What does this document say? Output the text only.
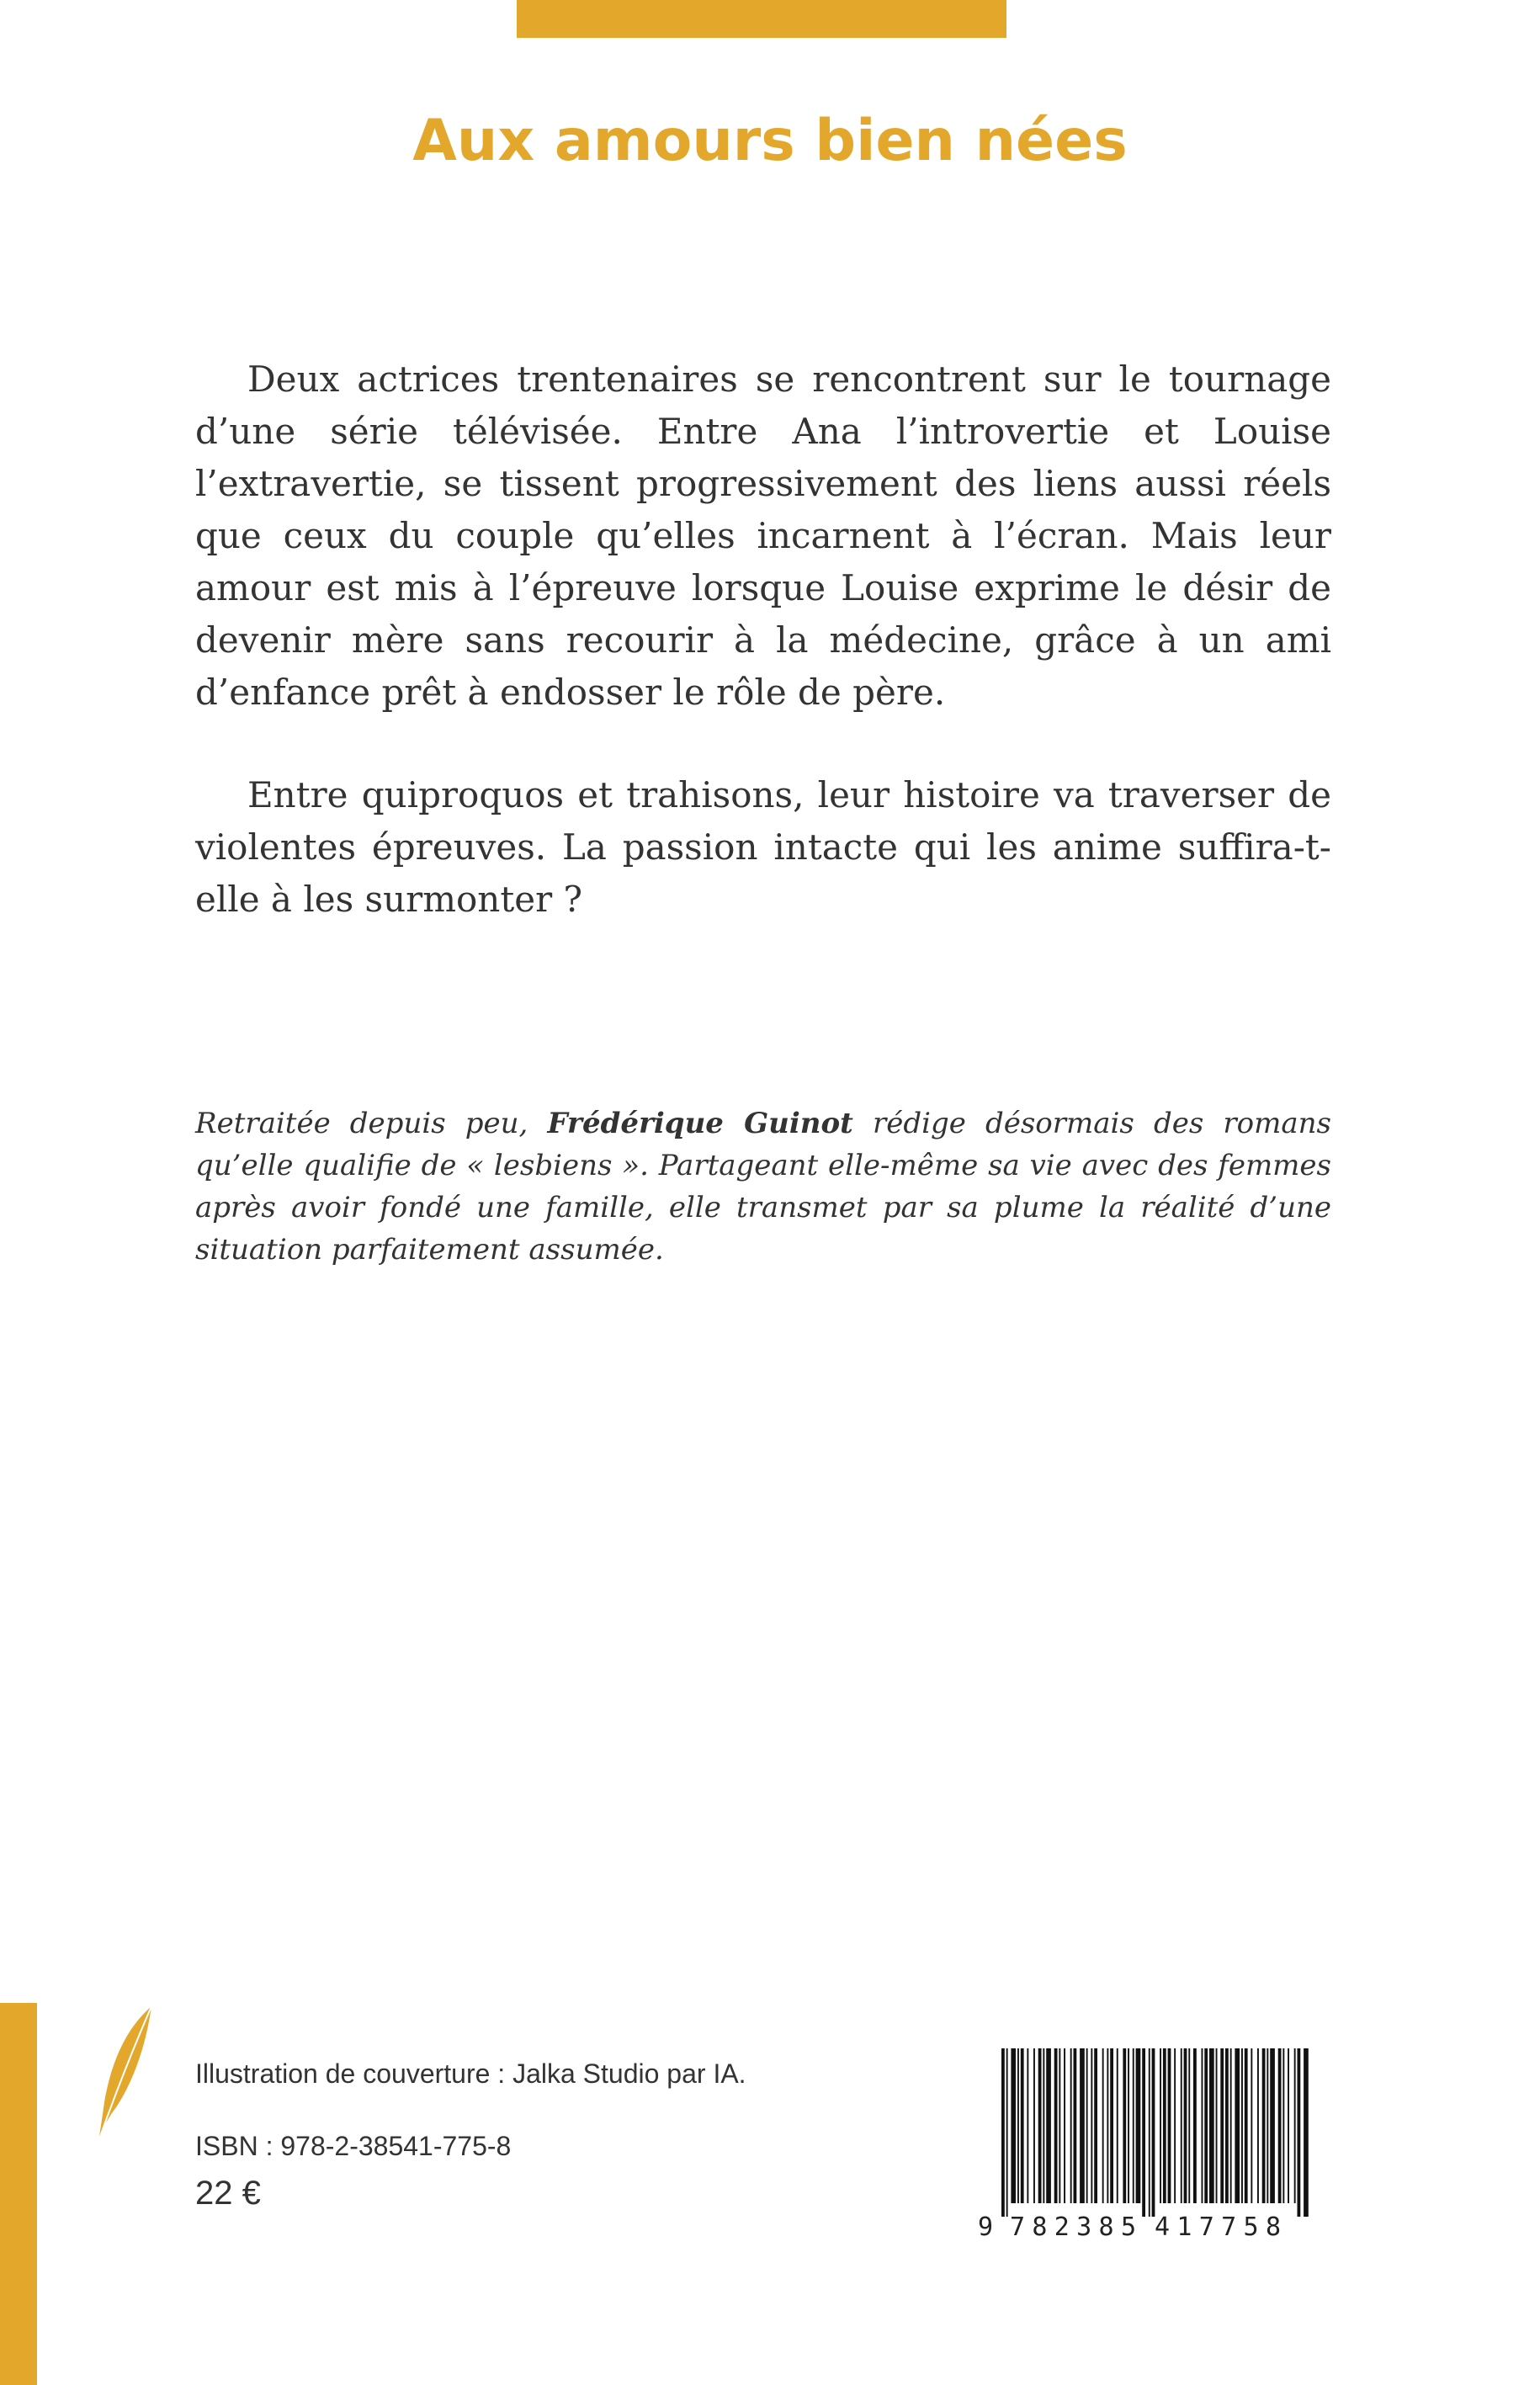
Aux amours bien nées

Deux actrices trentenaires se rencontrent sur le tournage d’une série télévisée. Entre Ana l’introvertie et Louise l’extravertie, se tissent progressivement des liens aussi réels que ceux du couple qu’elles incarnent à l’écran. Mais leur amour est mis à l’épreuve lorsque Louise exprime le désir de devenir mère sans recourir à la médecine, grâce à un ami d’enfance prêt à endosser le rôle de père.

Entre quiproquos et trahisons, leur histoire va traverser de violentes épreuves. La passion intacte qui les anime suffira-t-elle à les surmonter ?

Retraitée depuis peu, Frédérique Guinot rédige désormais des romans qu’elle qualifie de « lesbiens ». Partageant elle-même sa vie avec des femmes après avoir fondé une famille, elle transmet par sa plume la réalité d’une situation parfaitement assumée.

Illustration de couverture : Jalka Studio par IA.
ISBN : 978-2-38541-775-8
22 €
9 782385 417758
